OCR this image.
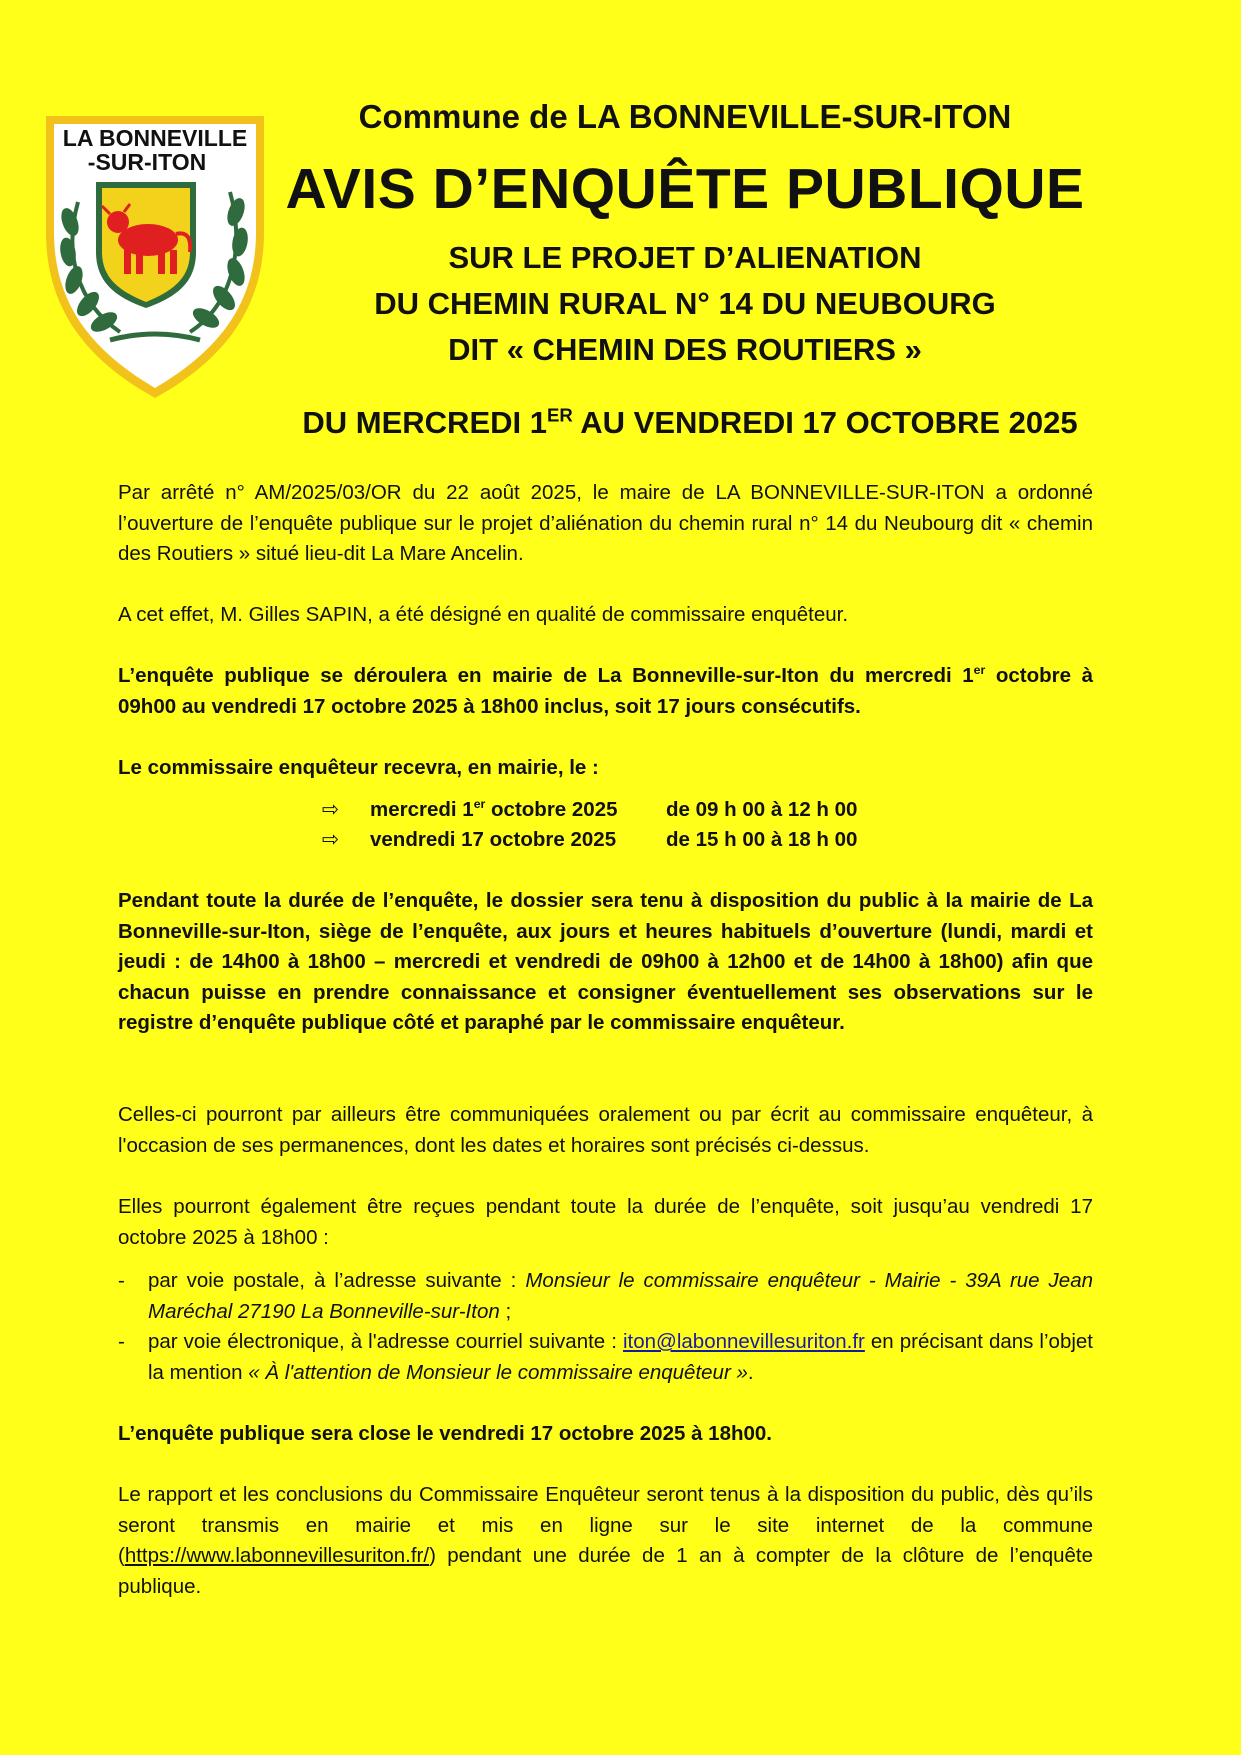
LA BONNEVILLE
-SUR-ITON
Commune de LA BONNEVILLE-SUR-ITON
AVIS D’ENQUÊTE PUBLIQUE
SUR LE PROJET D’ALIENATION
DU CHEMIN RURAL N° 14 DU NEUBOURG
DIT « CHEMIN DES ROUTIERS »
DU MERCREDI 1ER AU VENDREDI 17 OCTOBRE 2025
Par arrêté n° AM/2025/03/OR du 22 août 2025, le maire de LA BONNEVILLE-SUR-ITON a ordonné l’ouverture de l’enquête publique sur le projet d’aliénation du chemin rural n° 14 du Neubourg dit « chemin des Routiers » situé lieu-dit La Mare Ancelin.
A cet effet, M. Gilles SAPIN, a été désigné en qualité de commissaire enquêteur.
L’enquête publique se déroulera en mairie de La Bonneville-sur-Iton du mercredi 1er octobre à 09h00 au vendredi 17 octobre 2025 à 18h00 inclus, soit 17 jours consécutifs.
Le commissaire enquêteur recevra, en mairie, le :
⇨ mercredi 1er octobre 2025 de 09 h 00 à 12 h 00
⇨ vendredi 17 octobre 2025 de 15 h 00 à 18 h 00
Pendant toute la durée de l’enquête, le dossier sera tenu à disposition du public à la mairie de La Bonneville-sur-Iton, siège de l’enquête, aux jours et heures habituels d’ouverture (lundi, mardi et jeudi : de 14h00 à 18h00 – mercredi et vendredi de 09h00 à 12h00 et de 14h00 à 18h00) afin que chacun puisse en prendre connaissance et consigner éventuellement ses observations sur le registre d’enquête publique côté et paraphé par le commissaire enquêteur.
Celles-ci pourront par ailleurs être communiquées oralement ou par écrit au commissaire enquêteur, à l'occasion de ses permanences, dont les dates et horaires sont précisés ci-dessus.
Elles pourront également être reçues pendant toute la durée de l’enquête, soit jusqu’au vendredi 17 octobre 2025 à 18h00 :
- par voie postale, à l’adresse suivante : Monsieur le commissaire enquêteur - Mairie - 39A rue Jean Maréchal 27190 La Bonneville-sur-Iton ;
- par voie électronique, à l'adresse courriel suivante : iton@labonnevillesuriton.fr en précisant dans l’objet la mention « À l'attention de Monsieur le commissaire enquêteur ».
L’enquête publique sera close le vendredi 17 octobre 2025 à 18h00.
Le rapport et les conclusions du Commissaire Enquêteur seront tenus à la disposition du public, dès qu’ils seront transmis en mairie et mis en ligne sur le site internet de la commune (https://www.labonnevillesuriton.fr/) pendant une durée de 1 an à compter de la clôture de l’enquête publique.
